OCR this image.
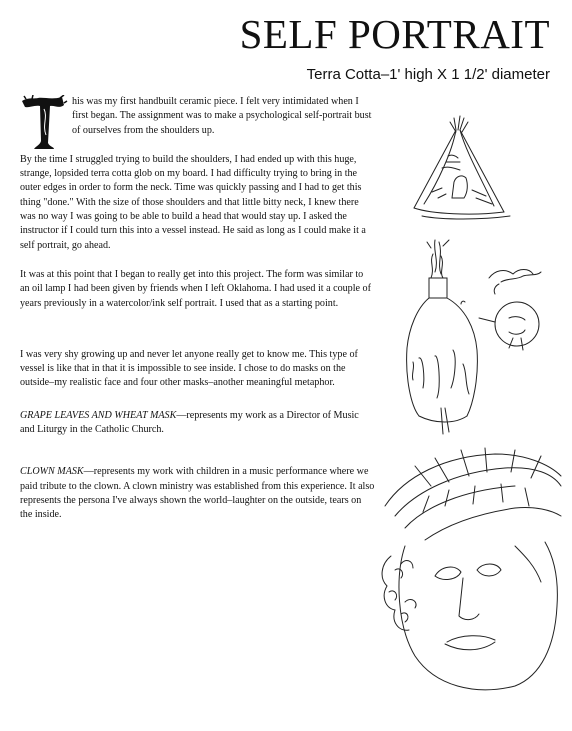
SELF PORTRAIT
Terra Cotta–1' high X 1 1/2' diameter

his was my first handbuilt ceramic piece. I felt very intimidated when I first began. The assignment was to make a psychological self-portrait bust of ourselves from the shoulders up.

By the time I struggled trying to build the shoulders, I had ended up with this huge, strange, lopsided terra cotta glob on my board. I had difficulty trying to bring in the outer edges in order to form the neck. Time was quickly passing and I had to get this thing "done." With the size of those shoulders and that little bitty neck, I knew there was no way I was going to be able to build a head that would stay up. I asked the instructor if I could turn this into a vessel instead. He said as long as I could make it a self portrait, go ahead.

It was at this point that I began to really get into this project. The form was similar to an oil lamp I had been given by friends when I left Oklahoma. I had used it a couple of years previously in a watercolor/ink self portrait. I used that as a starting point.

I was very shy growing up and never let anyone really get to know me. This type of vessel is like that in that it is impossible to see inside. I chose to do masks on the outside–my realistic face and four other masks–another meaningful metaphor.

GRAPE LEAVES AND WHEAT MASK—represents my work as a Director of Music and Liturgy in the Catholic Church.

CLOWN MASK—represents my work with children in a music performance where we paid tribute to the clown. A clown ministry was established from this experience. It also represents the persona I've always shown the world–laughter on the outside, tears on the inside.
